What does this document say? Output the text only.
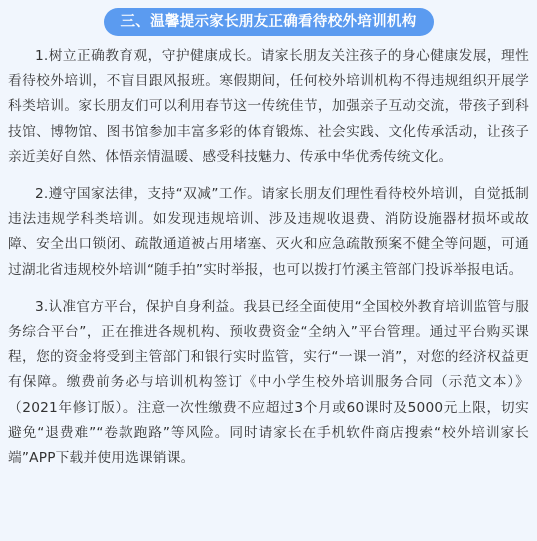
三、温馨提示家长朋友正确看待校外培训机构

1.树立正确教育观，守护健康成长。请家长朋友关注孩子的身心健康发展，理性看待校外培训，不盲目跟风报班。寒假期间，任何校外培训机构不得违规组织开展学科类培训。家长朋友们可以利用春节这一传统佳节，加强亲子互动交流，带孩子到科技馆、博物馆、图书馆参加丰富多彩的体育锻炼、社会实践、文化传承活动，让孩子亲近美好自然、体悟亲情温暖、感受科技魅力、传承中华优秀传统文化。

2.遵守国家法律，支持“双减”工作。请家长朋友们理性看待校外培训，自觉抵制违法违规学科类培训。如发现违规培训、涉及违规收退费、消防设施器材损坏或故障、安全出口锁闭、疏散通道被占用堵塞、灭火和应急疏散预案不健全等问题，可通过湖北省违规校外培训“随手拍”实时举报，也可以拨打竹溪主管部门投诉举报电话。

3.认准官方平台，保护自身利益。我县已经全面使用“全国校外教育培训监管与服务综合平台”，正在推进各规机构、预收费资金“全纳入”平台管理。通过平台购买课程，您的资金将受到主管部门和银行实时监管，实行“一课一消”，对您的经济权益更有保障。缴费前务必与培训机构签订《中小学生校外培训服务合同（示范文本）》（2021年修订版）。注意一次性缴费不应超过3个月或60课时及5000元上限，切实避免“退费难”“卷款跑路”等风险。同时请家长在手机软件商店搜索“校外培训家长端”APP下载并使用选课销课。
